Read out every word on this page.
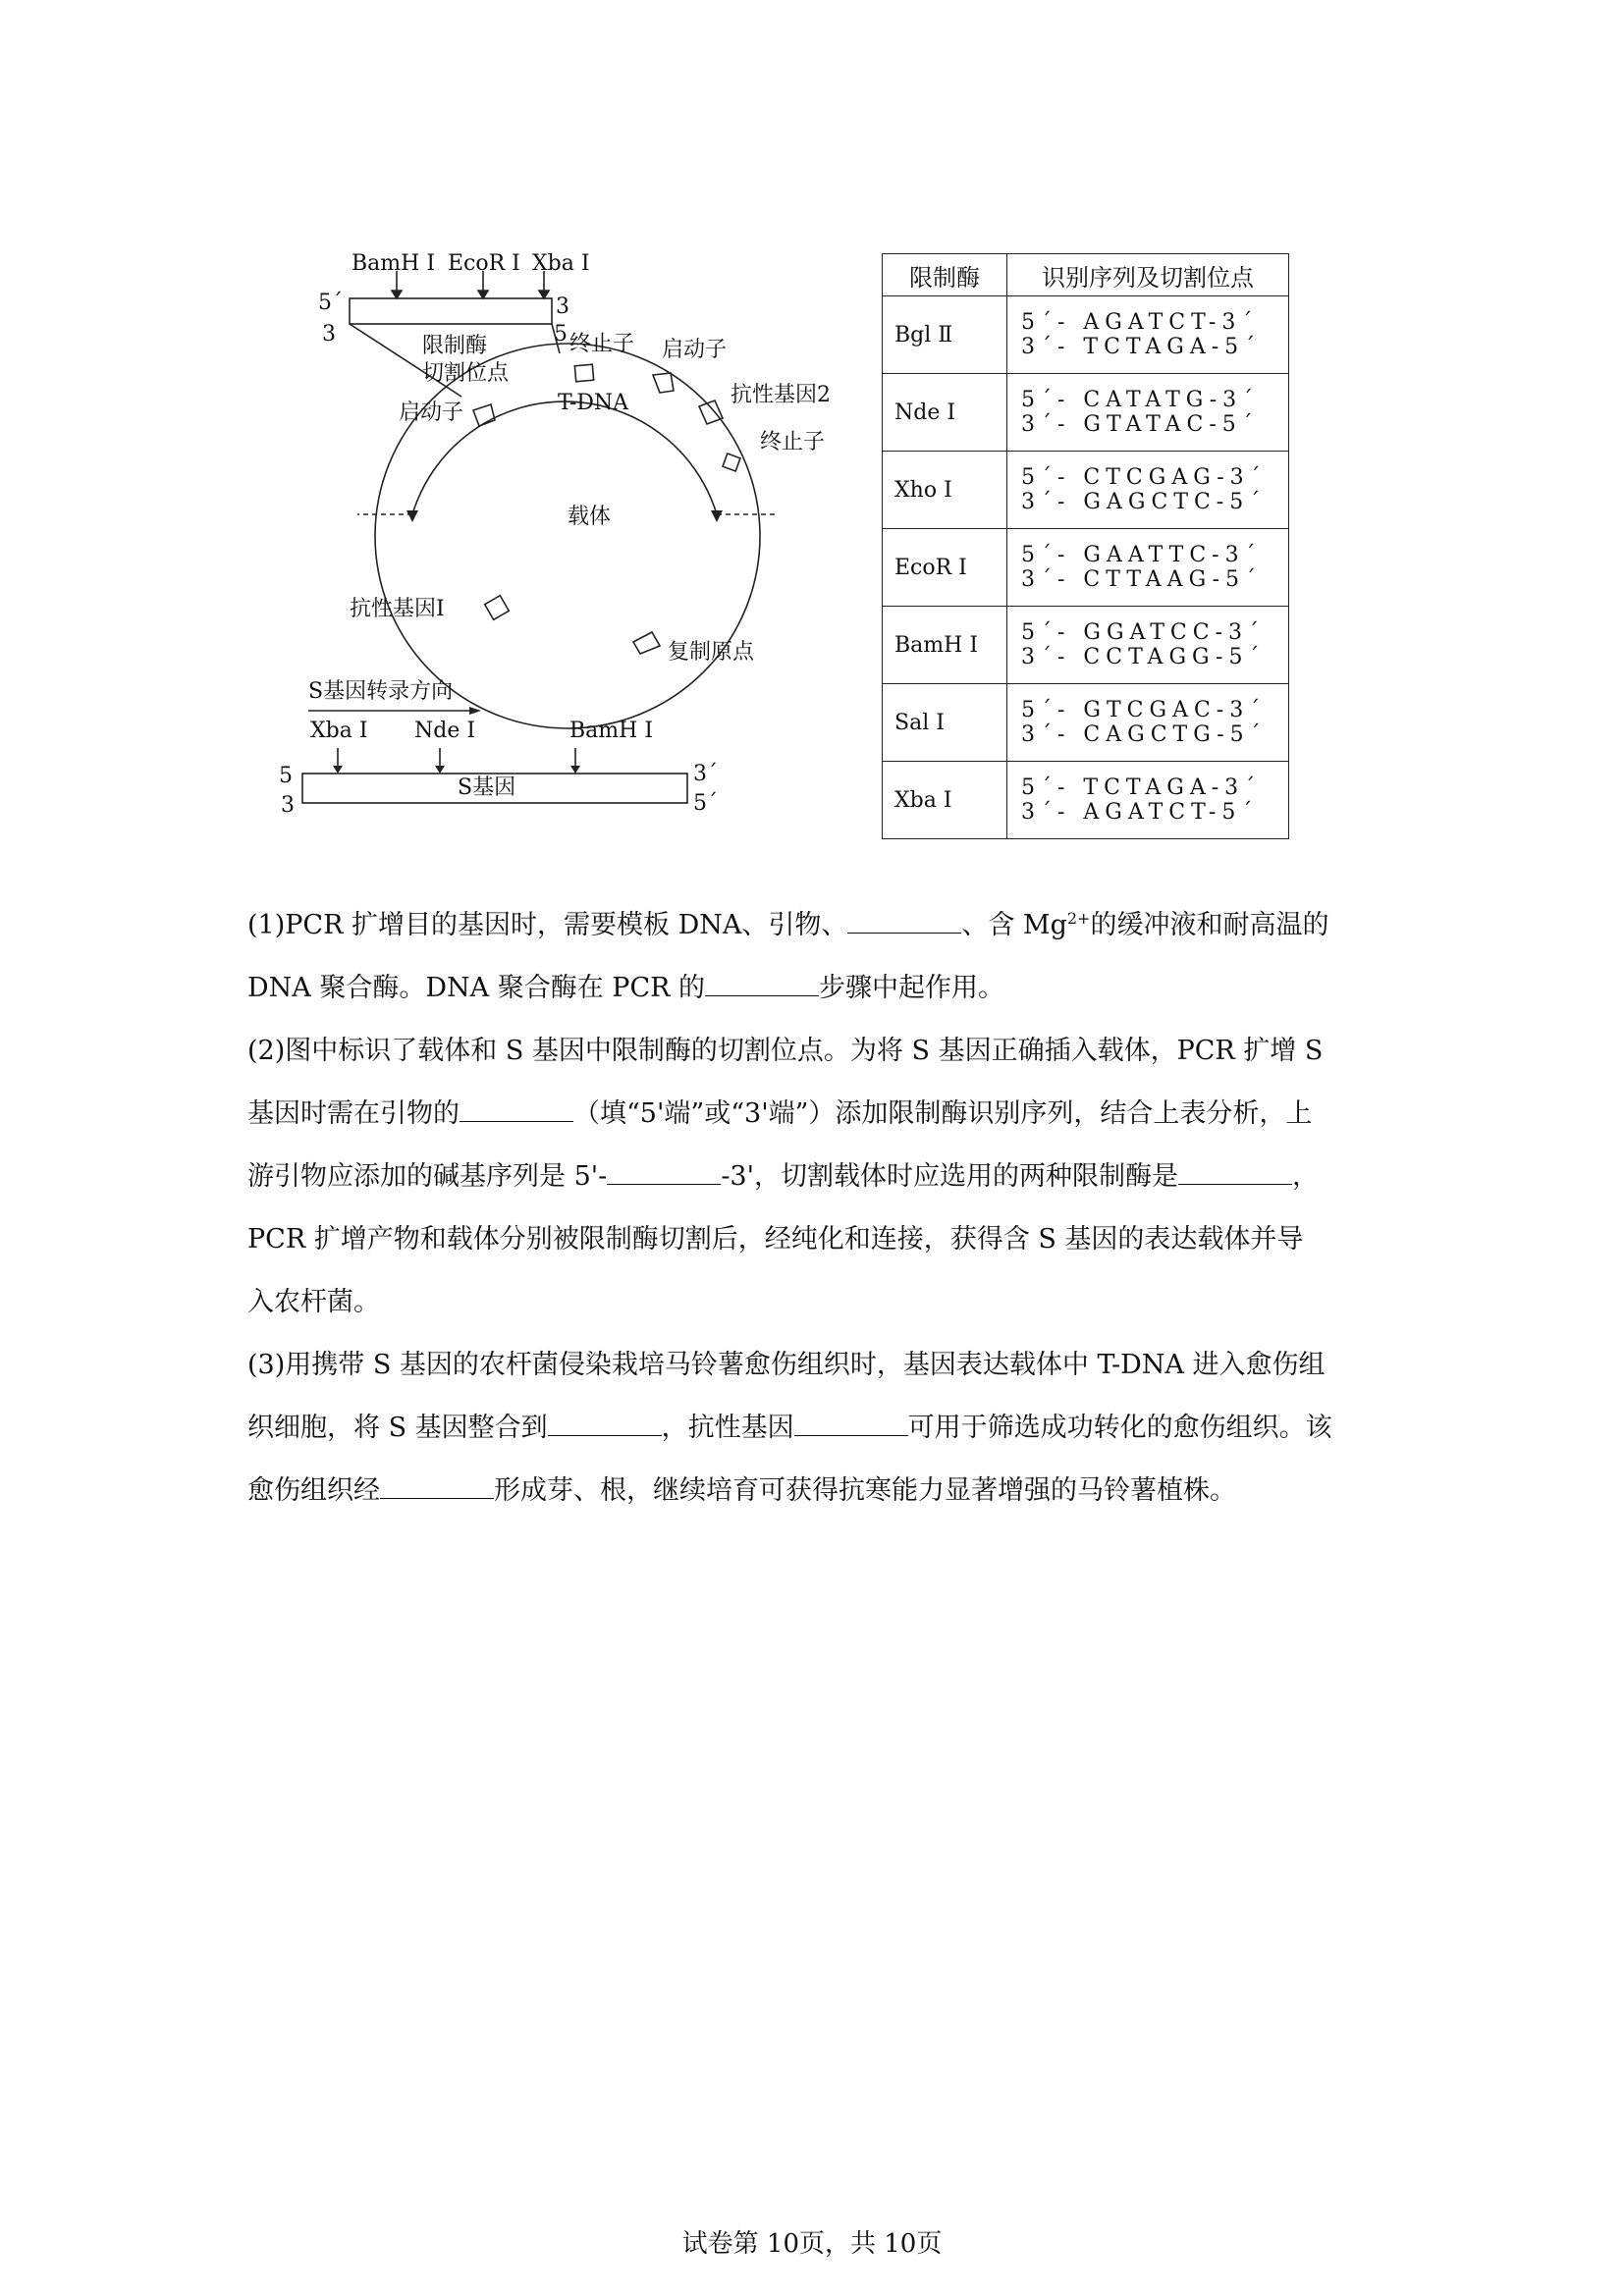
BamH Ⅰ EcoR Ⅰ Xba Ⅰ
5´
3
3
5
限制酶
切割位点
终止子 启动子
T-DNA	抗性基因2
终止子
启动子
载体
抗性基因Ⅰ
复制原点
S基因转录方向
Xba Ⅰ Nde Ⅰ	BamH Ⅰ
S基因
5
3
3´
5´
限制酶	识别序列及切割位点
Bgl Ⅱ	5´- AGATCT-3´
3´- TCTAGA-5´

Nde Ⅰ	5´- CATATG-3´
3´- GTATAC-5´

Xho Ⅰ	5´- CTCGAG-3´
3´- GAGCTC-5´

EcoR Ⅰ	5´- GAATTC-3´
3´- CTTAAG-5´

BamH Ⅰ	5´- GGATCC-3´
3´- CCTAGG-5´

Sal Ⅰ	5´- GTCGAC-3´
3´- CAGCTG-5´

Xba Ⅰ	5´- TCTAGA-3´
3´- AGATCT-5´

(1)PCR 扩增目的基因时，需要模板 DNA、引物、	、含 $Mg^{2+}$的缓冲液和耐高温的
DNA 聚合酶。DNA 聚合酶在 PCR 的	步骤中起作用。

(2)图中标识了载体和 S 基因中限制酶的切割位点。为将 S 基因正确插入载体，PCR 扩增 S
基因时需在引物的	（填“5'端”或“3'端”）添加限制酶识别序列，结合上表分析，上
游引物应添加的碱基序列是 5'-	-3'，切割载体时应选用的两种限制酶是	，
PCR 扩增产物和载体分别被限制酶切割后，经纯化和连接，获得含 S 基因的表达载体并导
入农杆菌。

(3)用携带 S 基因的农杆菌侵染栽培马铃薯愈伤组织时，基因表达载体中 T-DNA 进入愈伤组
织细胞，将 S 基因整合到	，抗性基因	可用于筛选成功转化的愈伤组织。该
愈伤组织经	形成芽、根，继续培育可获得抗寒能力显著增强的马铃薯植株。

试卷第 10页，共 10页
